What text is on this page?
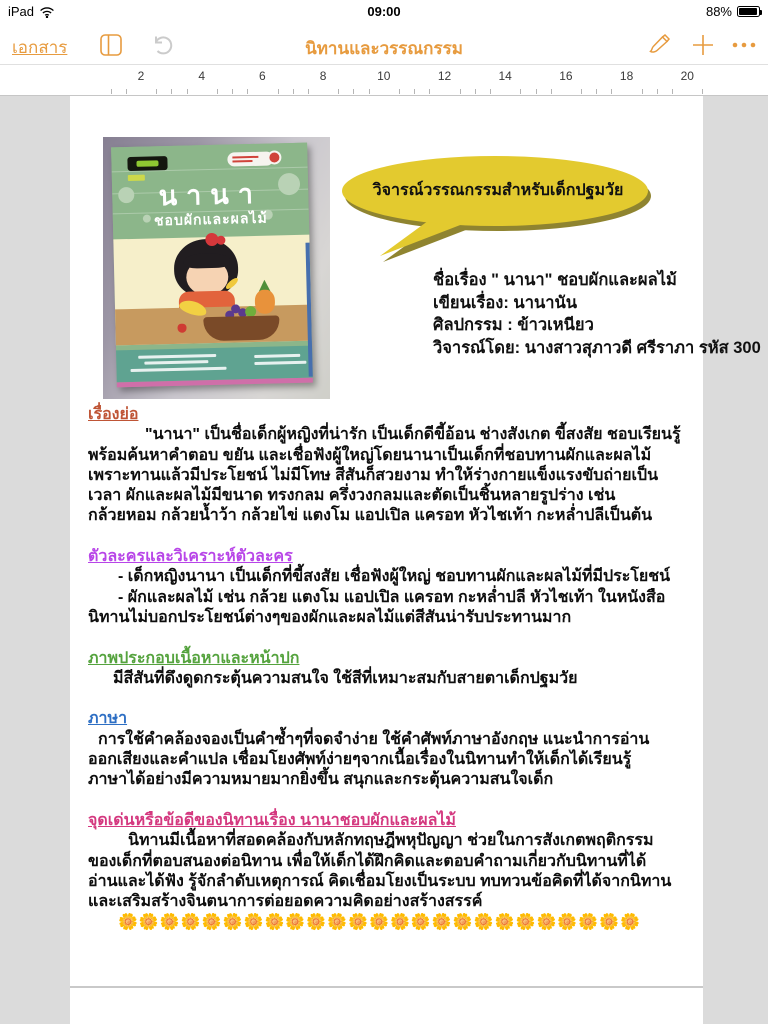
iPad	09:00	88%
เอกสาร	นิทานและวรรณกรรม
2	4	6	8	10	12	14	16	18	20
นานา
ชอบผักและผลไม้
วิจารณ์วรรณกรรมสำหรับเด็กปฐมวัย
ชื่อเรื่อง " นานา" ชอบผักและผลไม้
เขียนเรื่อง: นานานัน
ศิลปกรรม : ข้าวเหนียว
วิจารณ์โดย: นางสาวสุภาวดี ศรีราภา รหัส 300
เรื่องย่อ
"นานา" เป็นชื่อเด็กผู้หญิงที่น่ารัก เป็นเด็กดีขี้อ้อน ช่างสังเกต ขี้สงสัย ชอบเรียนรู้
พร้อมค้นหาคำตอบ ขยัน และเชื่อฟังผู้ใหญ่โดยนานาเป็นเด็กที่ชอบทานผักและผลไม้
เพราะทานแล้วมีประโยชน์ ไม่มีโทษ สีสันก็สวยงาม ทำให้ร่างกายแข็งแรงขับถ่ายเป็น
เวลา ผักและผลไม้มีขนาด ทรงกลม ครึ่งวงกลมและตัดเป็นชิ้นหลายรูปร่าง เช่น
กล้วยหอม กล้วยน้ำว้า กล้วยไข่ แตงโม แอปเปิล แครอท หัวไชเท้า กะหล่ำปลีเป็นต้น
ตัวละครและวิเคราะห์ตัวละคร
- เด็กหญิงนานา เป็นเด็กที่ขี้สงสัย เชื่อฟังผู้ใหญ่ ชอบทานผักและผลไม้ที่มีประโยชน์
- ผักและผลไม้ เช่น กล้วย แตงโม แอปเปิล แครอท กะหล่ำปลี หัวไชเท้า ในหนังสือ
นิทานไม่บอกประโยชน์ต่างๆของผักและผลไม้แต่สีสันน่ารับประทานมาก
ภาพประกอบเนื้อหาและหน้าปก
มีสีสันที่ดึงดูดกระตุ้นความสนใจ ใช้สีที่เหมาะสมกับสายตาเด็กปฐมวัย
ภาษา
การใช้คำคล้องจองเป็นคำซ้ำๆที่จดจำง่าย ใช้คำศัพท์ภาษาอังกฤษ แนะนำการอ่าน
ออกเสียงและคำแปล เชื่อมโยงศัพท์ง่ายๆจากเนื้อเรื่องในนิทานทำให้เด็กได้เรียนรู้
ภาษาได้อย่างมีความหมายมากยิ่งขึ้น สนุกและกระตุ้นความสนใจเด็ก
จุดเด่นหรือข้อดีของนิทานเรื่อง นานาชอบผักและผลไม้
นิทานมีเนื้อหาที่สอดคล้องกับหลักทฤษฎีพหุปัญญา ช่วยในการสังเกตพฤติกรรม
ของเด็กที่ตอบสนองต่อนิทาน เพื่อให้เด็กได้ฝึกคิดและตอบคำถามเกี่ยวกับนิทานที่ได้
อ่านและได้ฟัง รู้จักลำดับเหตุการณ์ คิดเชื่อมโยงเป็นระบบ ทบทวนข้อคิดที่ได้จากนิทาน
และเสริมสร้างจินตนาการต่อยอดความคิดอย่างสร้างสรรค์
🌼🌼🌼🌼🌼🌼🌼🌼🌼🌼🌼🌼🌼🌼🌼🌼🌼🌼🌼🌼🌼🌼🌼🌼🌼
